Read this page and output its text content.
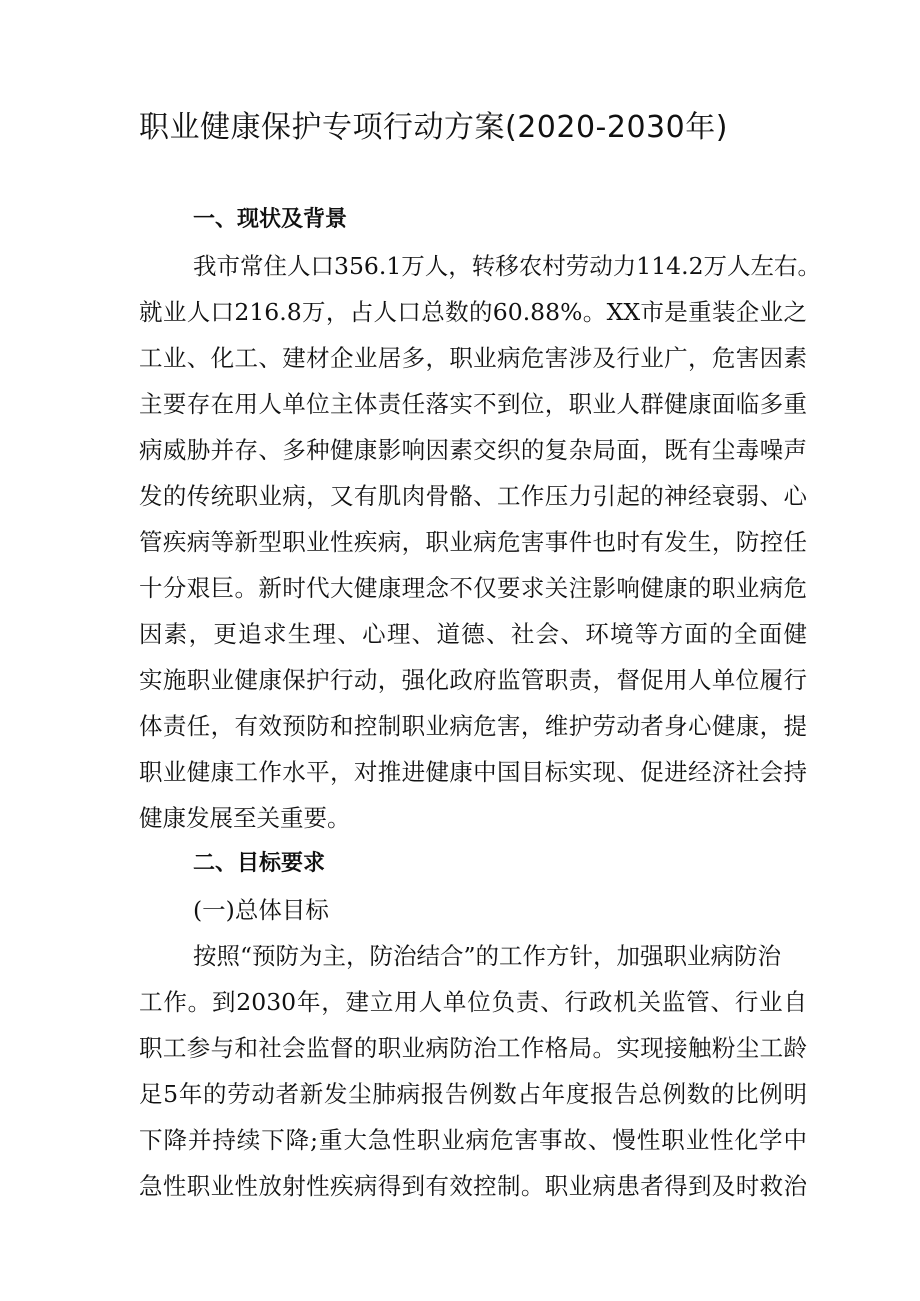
职业健康保护专项行动方案(2020-2030年)
一、现状及背景
我市常住人口356.1万人，转移农村劳动力114.2万人左右。
就业人口216.8万，占人口总数的60.88%。XX市是重装企业之
工业、化工、建材企业居多，职业病危害涉及行业广，危害因素
主要存在用人单位主体责任落实不到位，职业人群健康面临多重
病威胁并存、多种健康影响因素交织的复杂局面，既有尘毒噪声
发的传统职业病，又有肌肉骨骼、工作压力引起的神经衰弱、心
管疾病等新型职业性疾病，职业病危害事件也时有发生，防控任
十分艰巨。新时代大健康理念不仅要求关注影响健康的职业病危
因素，更追求生理、心理、道德、社会、环境等方面的全面健
实施职业健康保护行动，强化政府监管职责，督促用人单位履行
体责任，有效预防和控制职业病危害，维护劳动者身心健康，提
职业健康工作水平，对推进健康中国目标实现、促进经济社会持
健康发展至关重要。
二、目标要求
(一)总体目标
按照“预防为主，防治结合”的工作方针，加强职业病防治
工作。到2030年，建立用人单位负责、行政机关监管、行业自
职工参与和社会监督的职业病防治工作格局。实现接触粉尘工龄
足5年的劳动者新发尘肺病报告例数占年度报告总例数的比例明
下降并持续下降;重大急性职业病危害事故、慢性职业性化学中
急性职业性放射性疾病得到有效控制。职业病患者得到及时救治
